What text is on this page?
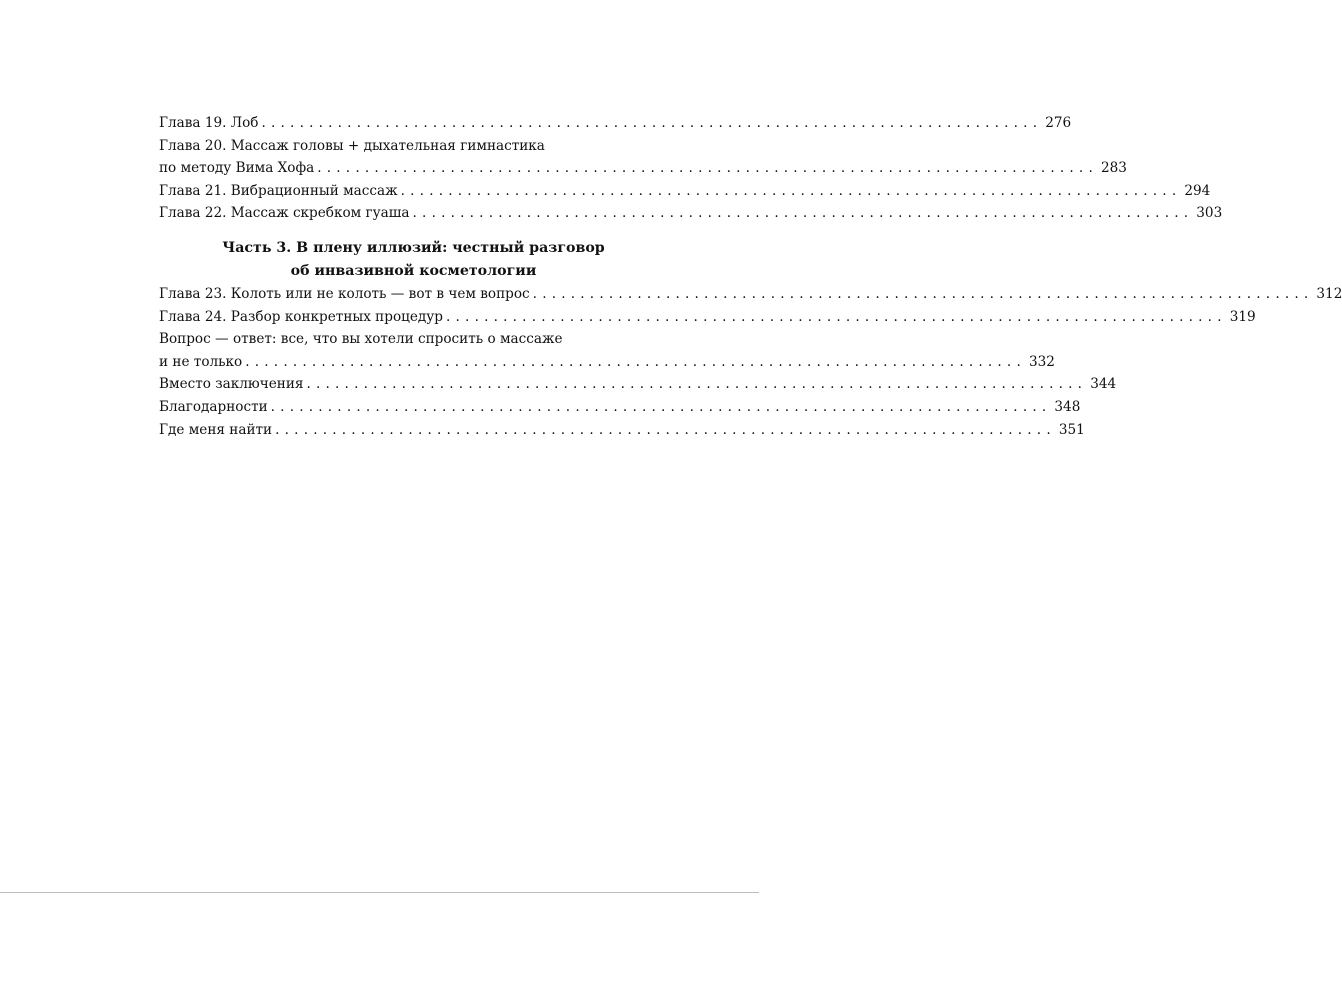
Глава 19. Лоб .................................................................................. 276
Глава 20. Массаж головы + дыхательная гимнастика
по методу Вима Хофа .................................................................................. 283
Глава 21. Вибрационный массаж .................................................................................. 294
Глава 22. Массаж скребком гуаша .................................................................................. 303
Часть 3. В плену иллюзий: честный разговор
об инвазивной косметологии
Глава 23. Колоть или не колоть — вот в чем вопрос .................................................................................. 312
Глава 24. Разбор конкретных процедур .................................................................................. 319
Вопрос — ответ: все, что вы хотели спросить о массаже
и не только .................................................................................. 332
Вместо заключения .................................................................................. 344
Благодарности .................................................................................. 348
Где меня найти .................................................................................. 351
